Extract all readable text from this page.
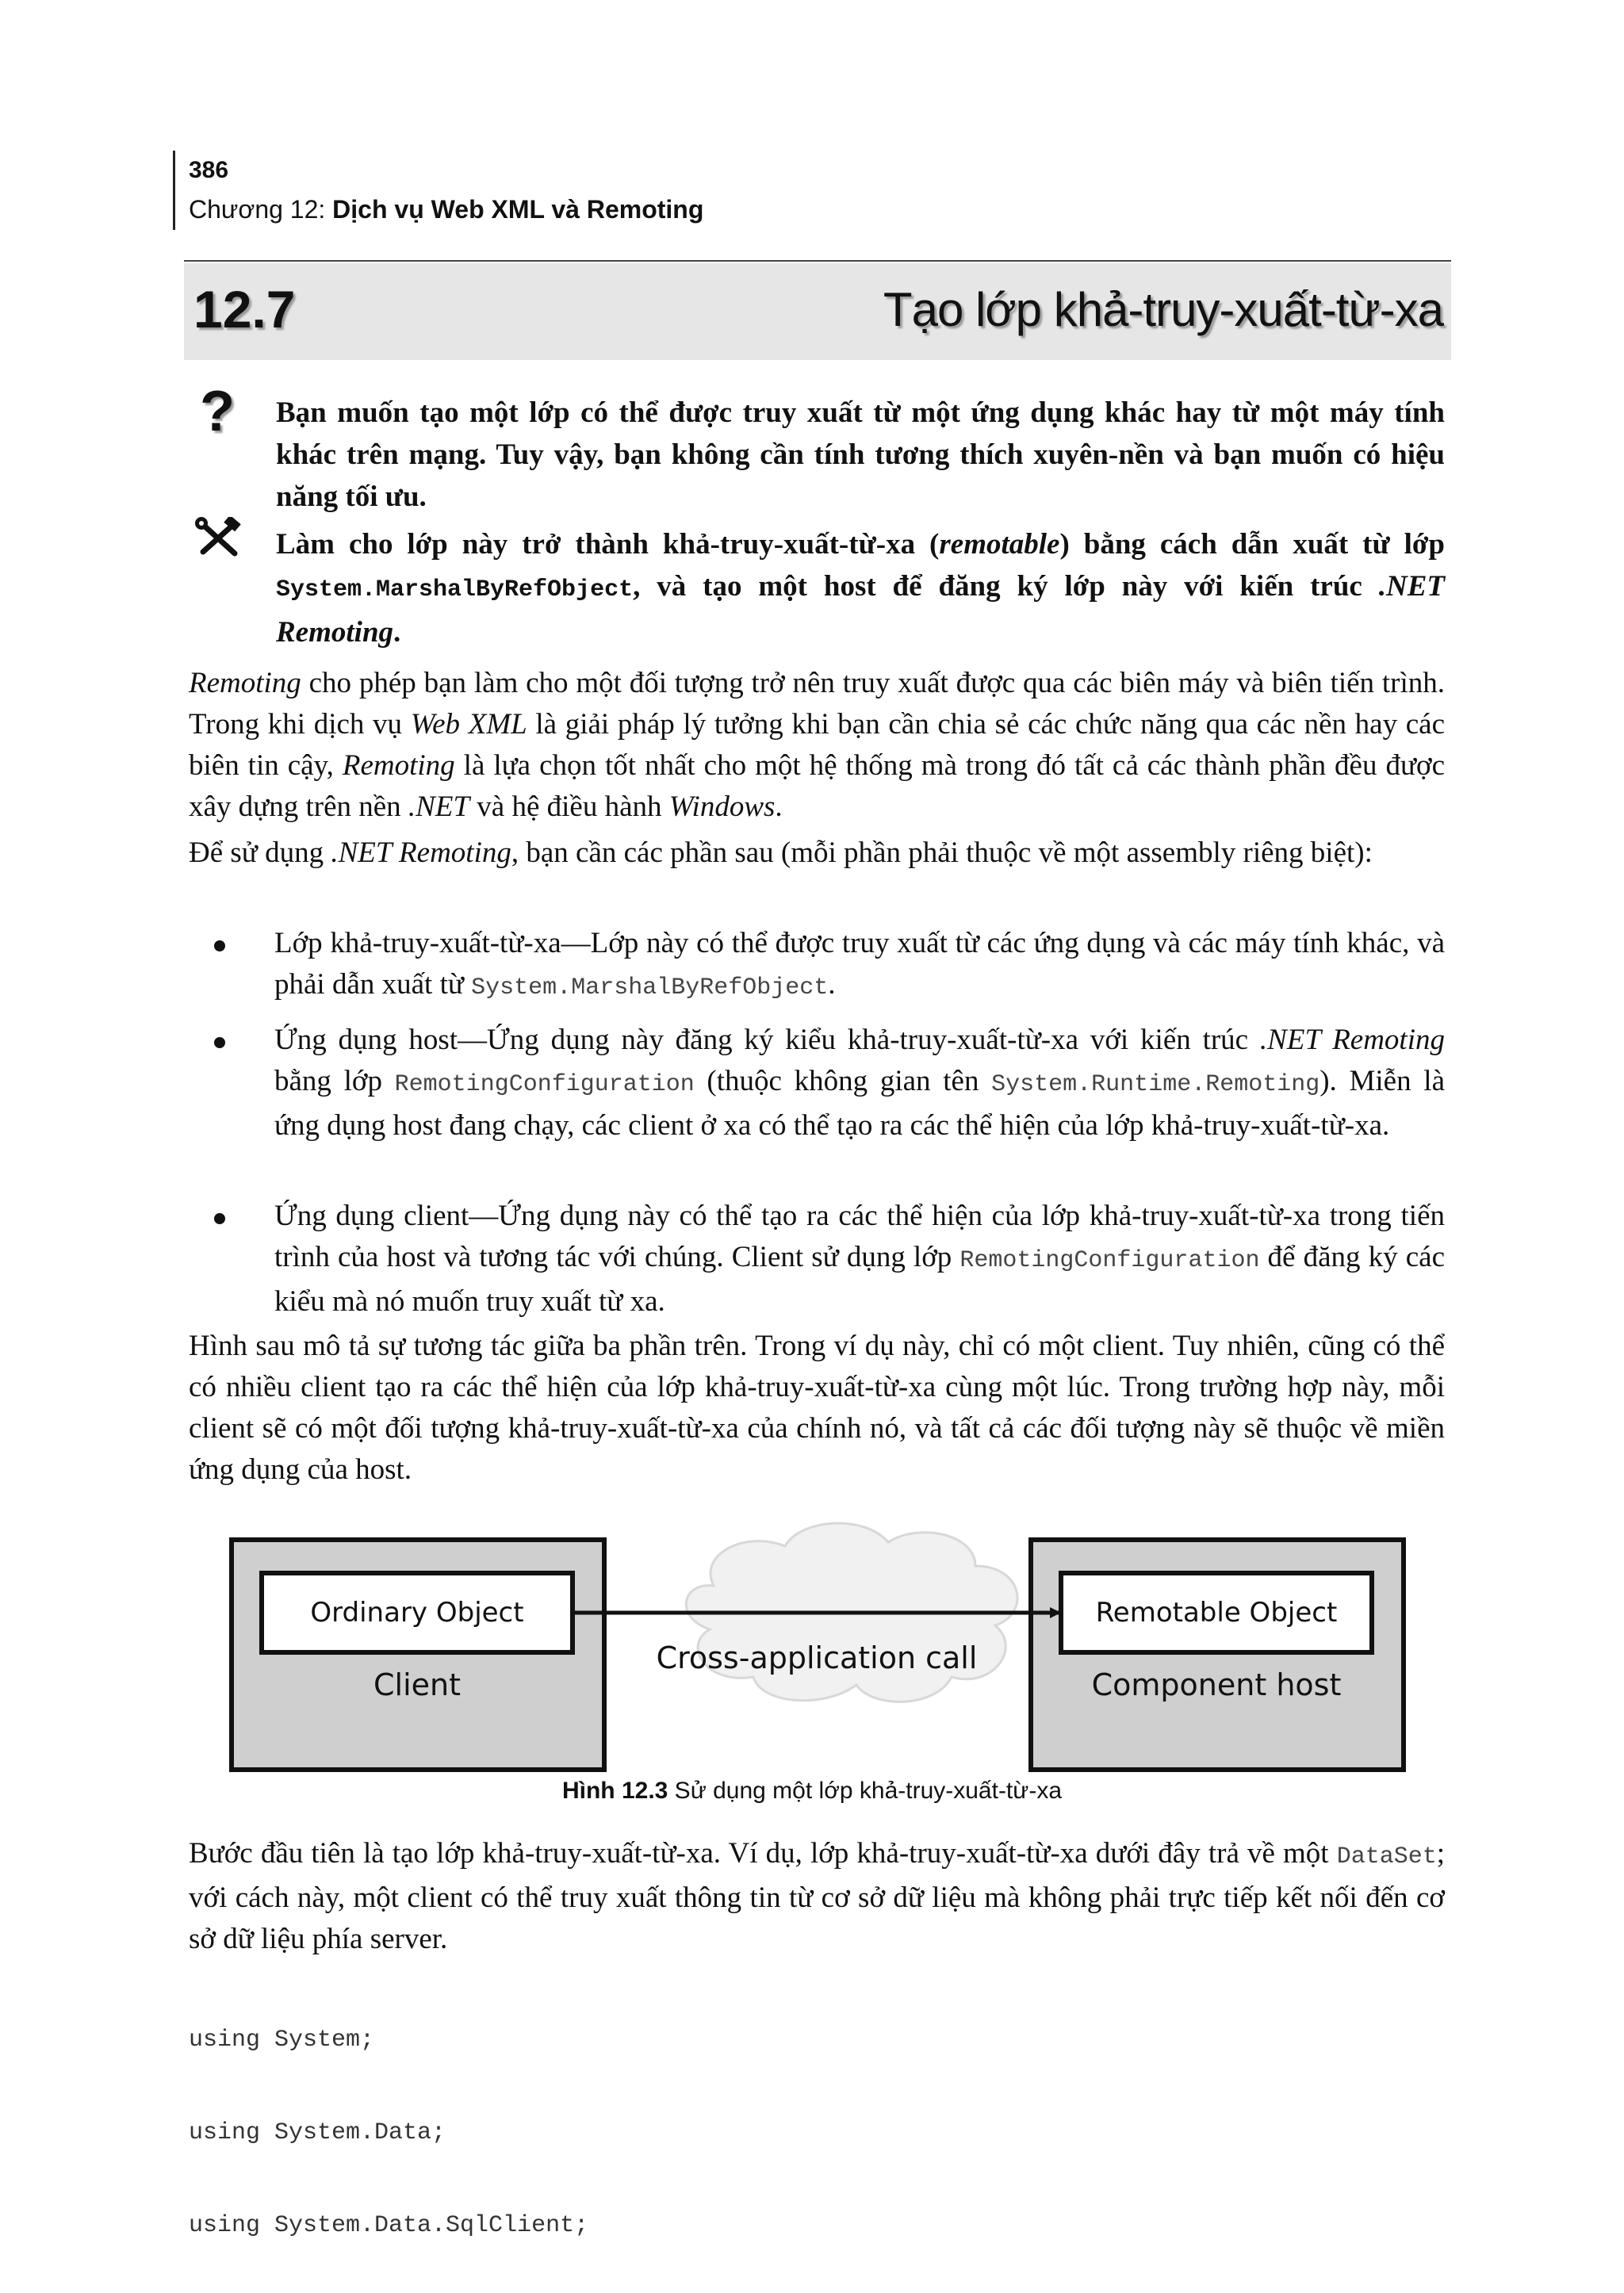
386
Chương 12: Dịch vụ Web XML và Remoting
12.7	Tạo lớp khả-truy-xuất-từ-xa
? Bạn muốn tạo một lớp có thể được truy xuất từ một ứng dụng khác hay từ một máy tính khác trên mạng. Tuy vậy, bạn không cần tính tương thích xuyên-nền và bạn muốn có hiệu năng tối ưu.
Làm cho lớp này trở thành khả-truy-xuất-từ-xa (remotable) bằng cách dẫn xuất từ lớp System.MarshalByRefObject, và tạo một host để đăng ký lớp này với kiến trúc .NET Remoting.
Remoting cho phép bạn làm cho một đối tượng trở nên truy xuất được qua các biên máy và biên tiến trình. Trong khi dịch vụ Web XML là giải pháp lý tưởng khi bạn cần chia sẻ các chức năng qua các nền hay các biên tin cậy, Remoting là lựa chọn tốt nhất cho một hệ thống mà trong đó tất cả các thành phần đều được xây dựng trên nền .NET và hệ điều hành Windows.
Để sử dụng .NET Remoting, bạn cần các phần sau (mỗi phần phải thuộc về một assembly riêng biệt):
Lớp khả-truy-xuất-từ-xa—Lớp này có thể được truy xuất từ các ứng dụng và các máy tính khác, và phải dẫn xuất từ System.MarshalByRefObject.
Ứng dụng host—Ứng dụng này đăng ký kiểu khả-truy-xuất-từ-xa với kiến trúc .NET Remoting bằng lớp RemotingConfiguration (thuộc không gian tên System.Runtime.Remoting). Miễn là ứng dụng host đang chạy, các client ở xa có thể tạo ra các thể hiện của lớp khả-truy-xuất-từ-xa.
Ứng dụng client—Ứng dụng này có thể tạo ra các thể hiện của lớp khả-truy-xuất-từ-xa trong tiến trình của host và tương tác với chúng. Client sử dụng lớp RemotingConfiguration để đăng ký các kiểu mà nó muốn truy xuất từ xa.
Hình sau mô tả sự tương tác giữa ba phần trên. Trong ví dụ này, chỉ có một client. Tuy nhiên, cũng có thể có nhiều client tạo ra các thể hiện của lớp khả-truy-xuất-từ-xa cùng một lúc. Trong trường hợp này, mỗi client sẽ có một đối tượng khả-truy-xuất-từ-xa của chính nó, và tất cả các đối tượng này sẽ thuộc về miền ứng dụng của host.
Ordinary Object
Client
Remotable Object
Component host
Cross-application call
Hình 12.3 Sử dụng một lớp khả-truy-xuất-từ-xa
Bước đầu tiên là tạo lớp khả-truy-xuất-từ-xa. Ví dụ, lớp khả-truy-xuất-từ-xa dưới đây trả về một DataSet; với cách này, một client có thể truy xuất thông tin từ cơ sở dữ liệu mà không phải trực tiếp kết nối đến cơ sở dữ liệu phía server.

using System;

using System.Data;

using System.Data.SqlClient;
